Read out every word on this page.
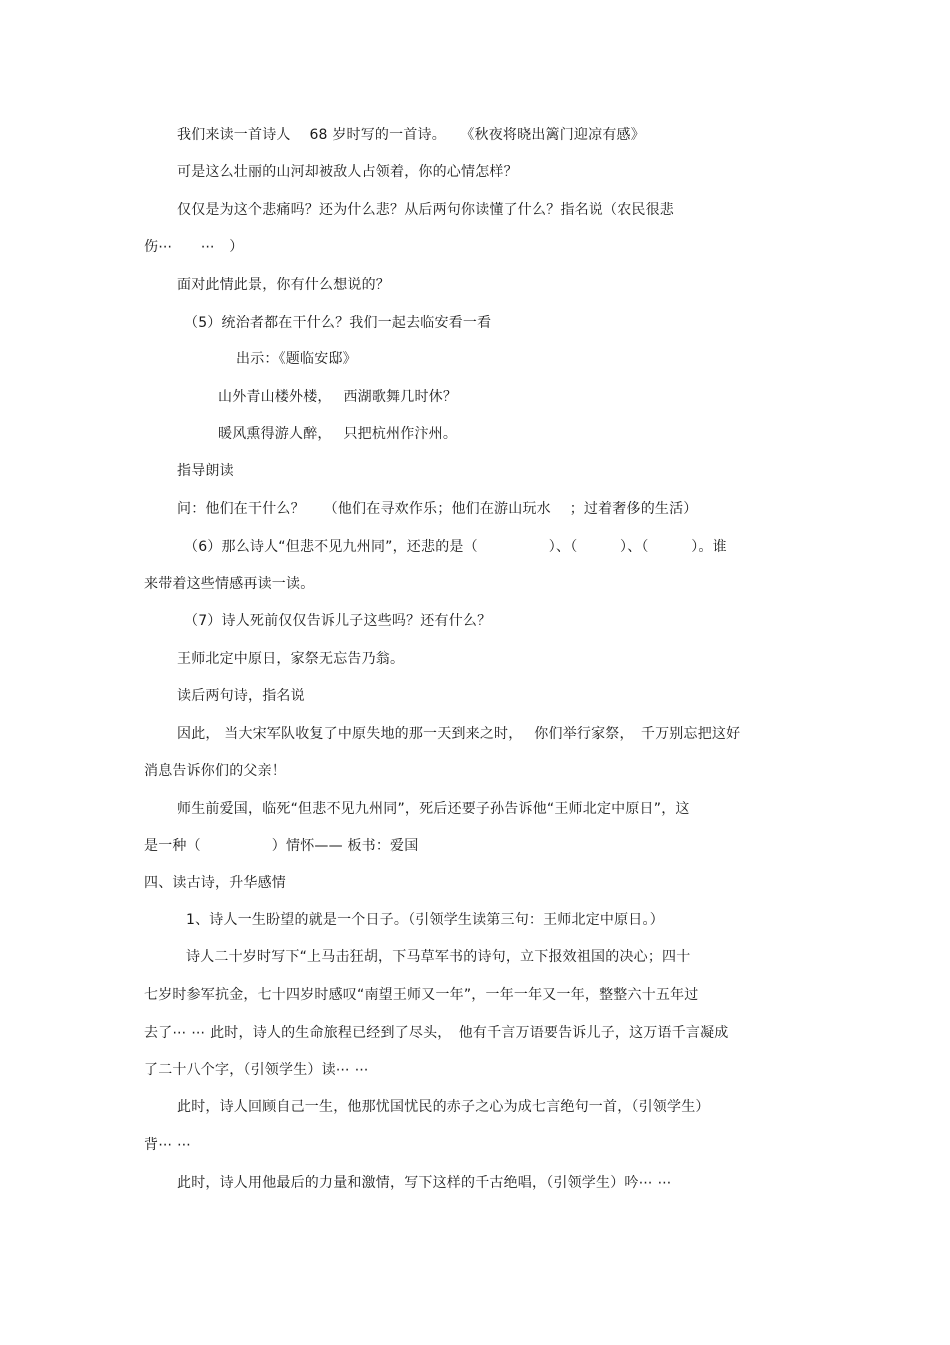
我们来读一首诗人　 68 岁时写的一首诗。　　《秋夜将晓出篱门迎凉有感》
可是这么壮丽的山河却被敌人占领着，你的心情怎样？
仅仅是为这个悲痛吗？还为什么悲？从后两句你读懂了什么？指名说（农民很悲
伤⋯　　⋯　）
面对此情此景，你有什么想说的？
（5）统治者都在干什么？我们一起去临安看一看
出示：《题临安邸》
山外青山楼外楼，　 西湖歌舞几时休？
暖风熏得游人醉，　 只把杭州作汴州。
指导朗读
问：他们在干什么？　 （他们在寻欢作乐；他们在游山玩水　 ；过着奢侈的生活）
（6）那么诗人“但悲不见九州同”，还悲的是（　　　　　）、（　　　）、（　　　）。谁
来带着这些情感再读一读。
（7）诗人死前仅仅告诉儿子这些吗？还有什么？
王师北定中原日，家祭无忘告乃翁。
读后两句诗，指名说
因此， 当大宋军队收复了中原失地的那一天到来之时，　 你们举行家祭，　千万别忘把这好
消息告诉你们的父亲！
师生前爱国，临死“但悲不见九州同”，死后还要子孙告诉他“王师北定中原日”，这
是一种（　　　　　）情怀—— 板书：爱国
四、读古诗，升华感情
1、诗人一生盼望的就是一个日子。（引领学生读第三句：王师北定中原日。）
诗人二十岁时写下“上马击狂胡，下马草军书的诗句，立下报效祖国的决心；四十
七岁时参军抗金，七十四岁时感叹“南望王师又一年”，一年一年又一年，整整六十五年过
去了⋯ ⋯ 此时，诗人的生命旅程已经到了尽头，　他有千言万语要告诉儿子，这万语千言凝成
了二十八个字，（引领学生）读⋯ ⋯
此时，诗人回顾自己一生，他那忧国忧民的赤子之心为成七言绝句一首，（引领学生）
背⋯ ⋯
此时，诗人用他最后的力量和激情，写下这样的千古绝唱，（引领学生）吟⋯ ⋯
